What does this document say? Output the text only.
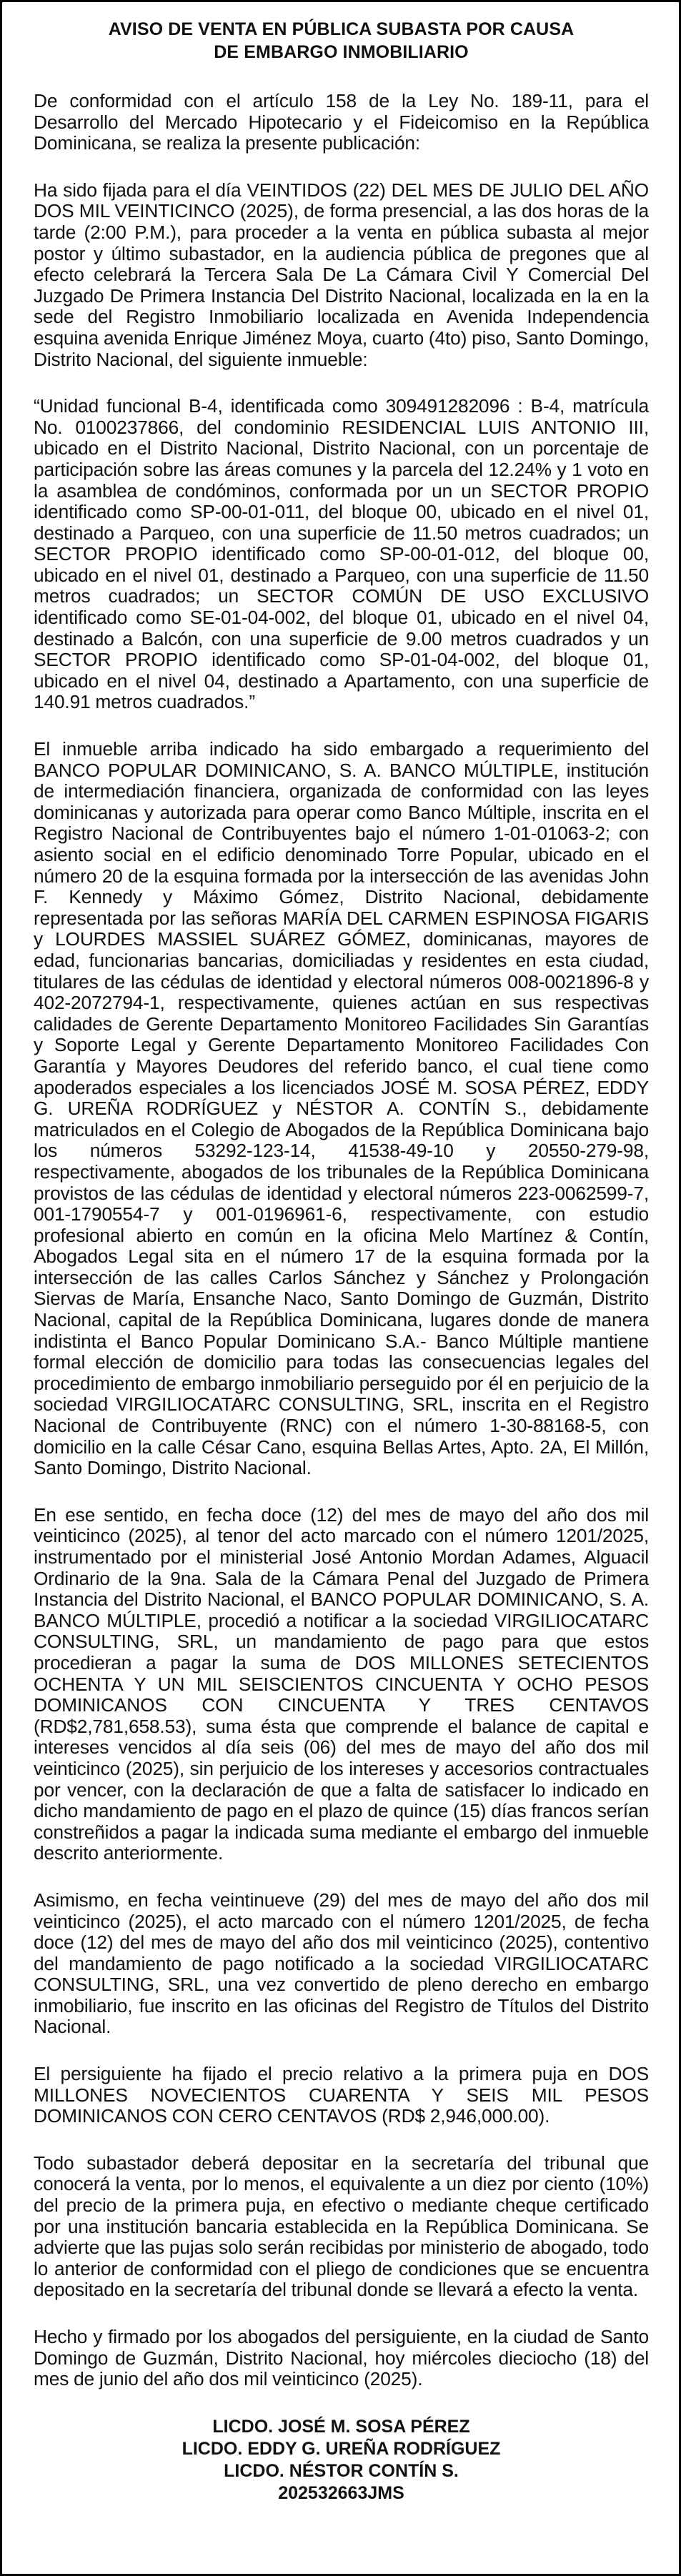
AVISO DE VENTA EN PÚBLICA SUBASTA POR CAUSA
DE EMBARGO INMOBILIARIO

De conformidad con el artículo 158 de la Ley No. 189-11, para el Desarrollo del Mercado Hipotecario y el Fideicomiso en la República Dominicana, se realiza la presente publicación:

Ha sido fijada para el día VEINTIDOS (22) DEL MES DE JULIO DEL AÑO DOS MIL VEINTICINCO (2025), de forma presencial, a las dos horas de la tarde (2:00 P.M.), para proceder a la venta en pública subasta al mejor postor y último subastador, en la audiencia pública de pregones que al efecto celebrará la Tercera Sala De La Cámara Civil Y Comercial Del Juzgado De Primera Instancia Del Distrito Nacional, localizada en la en la sede del Registro Inmobiliario localizada en Avenida Independencia esquina avenida Enrique Jiménez Moya, cuarto (4to) piso, Santo Domingo, Distrito Nacional, del siguiente inmueble:

“Unidad funcional B-4, identificada como 309491282096 : B-4, matrícula No. 0100237866, del condominio RESIDENCIAL LUIS ANTONIO III, ubicado en el Distrito Nacional, Distrito Nacional, con un porcentaje de participación sobre las áreas comunes y la parcela del 12.24% y 1 voto en la asamblea de condóminos, conformada por un un SECTOR PROPIO identificado como SP-00-01-011, del bloque 00, ubicado en el nivel 01, destinado a Parqueo, con una superficie de 11.50 metros cuadrados; un SECTOR PROPIO identificado como SP-00-01-012, del bloque 00, ubicado en el nivel 01, destinado a Parqueo, con una superficie de 11.50 metros cuadrados; un SECTOR COMÚN DE USO EXCLUSIVO identificado como SE-01-04-002, del bloque 01, ubicado en el nivel 04, destinado a Balcón, con una superficie de 9.00 metros cuadrados y un SECTOR PROPIO identificado como SP-01-04-002, del bloque 01, ubicado en el nivel 04, destinado a Apartamento, con una superficie de 140.91 metros cuadrados.”

El inmueble arriba indicado ha sido embargado a requerimiento del BANCO POPULAR DOMINICANO, S. A. BANCO MÚLTIPLE, institución de intermediación financiera, organizada de conformidad con las leyes dominicanas y autorizada para operar como Banco Múltiple, inscrita en el Registro Nacional de Contribuyentes bajo el número 1-01-01063-2; con asiento social en el edificio denominado Torre Popular, ubicado en el número 20 de la esquina formada por la intersección de las avenidas John F. Kennedy y Máximo Gómez, Distrito Nacional, debidamente representada por las señoras MARÍA DEL CARMEN ESPINOSA FIGARIS y LOURDES MASSIEL SUÁREZ GÓMEZ, dominicanas, mayores de edad, funcionarias bancarias, domiciliadas y residentes en esta ciudad, titulares de las cédulas de identidad y electoral números 008-0021896-8 y 402-2072794-1, respectivamente, quienes actúan en sus respectivas calidades de Gerente Departamento Monitoreo Facilidades Sin Garantías y Soporte Legal y Gerente Departamento Monitoreo Facilidades Con Garantía y Mayores Deudores del referido banco, el cual tiene como apoderados especiales a los licenciados JOSÉ M. SOSA PÉREZ, EDDY G. UREÑA RODRÍGUEZ y NÉSTOR A. CONTÍN S., debidamente matriculados en el Colegio de Abogados de la República Dominicana bajo los números 53292-123-14, 41538-49-10 y 20550-279-98, respectivamente, abogados de los tribunales de la República Dominicana provistos de las cédulas de identidad y electoral números 223-0062599-7, 001-1790554-7 y 001-0196961-6, respectivamente, con estudio profesional abierto en común en la oficina Melo Martínez & Contín, Abogados Legal sita en el número 17 de la esquina formada por la intersección de las calles Carlos Sánchez y Sánchez y Prolongación Siervas de María, Ensanche Naco, Santo Domingo de Guzmán, Distrito Nacional, capital de la República Dominicana, lugares donde de manera indistinta el Banco Popular Dominicano S.A.- Banco Múltiple mantiene formal elección de domicilio para todas las consecuencias legales del procedimiento de embargo inmobiliario perseguido por él en perjuicio de la sociedad VIRGILIOCATARC CONSULTING, SRL, inscrita en el Registro Nacional de Contribuyente (RNC) con el número 1-30-88168-5, con domicilio en la calle César Cano, esquina Bellas Artes, Apto. 2A, El Millón, Santo Domingo, Distrito Nacional.

En ese sentido, en fecha doce (12) del mes de mayo del año dos mil veinticinco (2025), al tenor del acto marcado con el número 1201/2025, instrumentado por el ministerial José Antonio Mordan Adames, Alguacil Ordinario de la 9na. Sala de la Cámara Penal del Juzgado de Primera Instancia del Distrito Nacional, el BANCO POPULAR DOMINICANO, S. A. BANCO MÚLTIPLE, procedió a notificar a la sociedad VIRGILIOCATARC CONSULTING, SRL, un mandamiento de pago para que estos procedieran a pagar la suma de DOS MILLONES SETECIENTOS OCHENTA Y UN MIL SEISCIENTOS CINCUENTA Y OCHO PESOS DOMINICANOS CON CINCUENTA Y TRES CENTAVOS (RD$2,781,658.53), suma ésta que comprende el balance de capital e intereses vencidos al día seis (06) del mes de mayo del año dos mil veinticinco (2025), sin perjuicio de los intereses y accesorios contractuales por vencer, con la declaración de que a falta de satisfacer lo indicado en dicho mandamiento de pago en el plazo de quince (15) días francos serían constreñidos a pagar la indicada suma mediante el embargo del inmueble descrito anteriormente.

Asimismo, en fecha veintinueve (29) del mes de mayo del año dos mil veinticinco (2025), el acto marcado con el número 1201/2025, de fecha doce (12) del mes de mayo del año dos mil veinticinco (2025), contentivo del mandamiento de pago notificado a la sociedad VIRGILIOCATARC CONSULTING, SRL, una vez convertido de pleno derecho en embargo inmobiliario, fue inscrito en las oficinas del Registro de Títulos del Distrito Nacional.

El persiguiente ha fijado el precio relativo a la primera puja en DOS MILLONES NOVECIENTOS CUARENTA Y SEIS MIL PESOS DOMINICANOS CON CERO CENTAVOS (RD$ 2,946,000.00).

Todo subastador deberá depositar en la secretaría del tribunal que conocerá la venta, por lo menos, el equivalente a un diez por ciento (10%) del precio de la primera puja, en efectivo o mediante cheque certificado por una institución bancaria establecida en la República Dominicana. Se advierte que las pujas solo serán recibidas por ministerio de abogado, todo lo anterior de conformidad con el pliego de condiciones que se encuentra depositado en la secretaría del tribunal donde se llevará a efecto la venta.

Hecho y firmado por los abogados del persiguiente, en la ciudad de Santo Domingo de Guzmán, Distrito Nacional, hoy miércoles dieciocho (18) del mes de junio del año dos mil veinticinco (2025).

LICDO. JOSÉ M. SOSA PÉREZ
LICDO. EDDY G. UREÑA RODRÍGUEZ
LICDO. NÉSTOR CONTÍN S.
202532663JMS
